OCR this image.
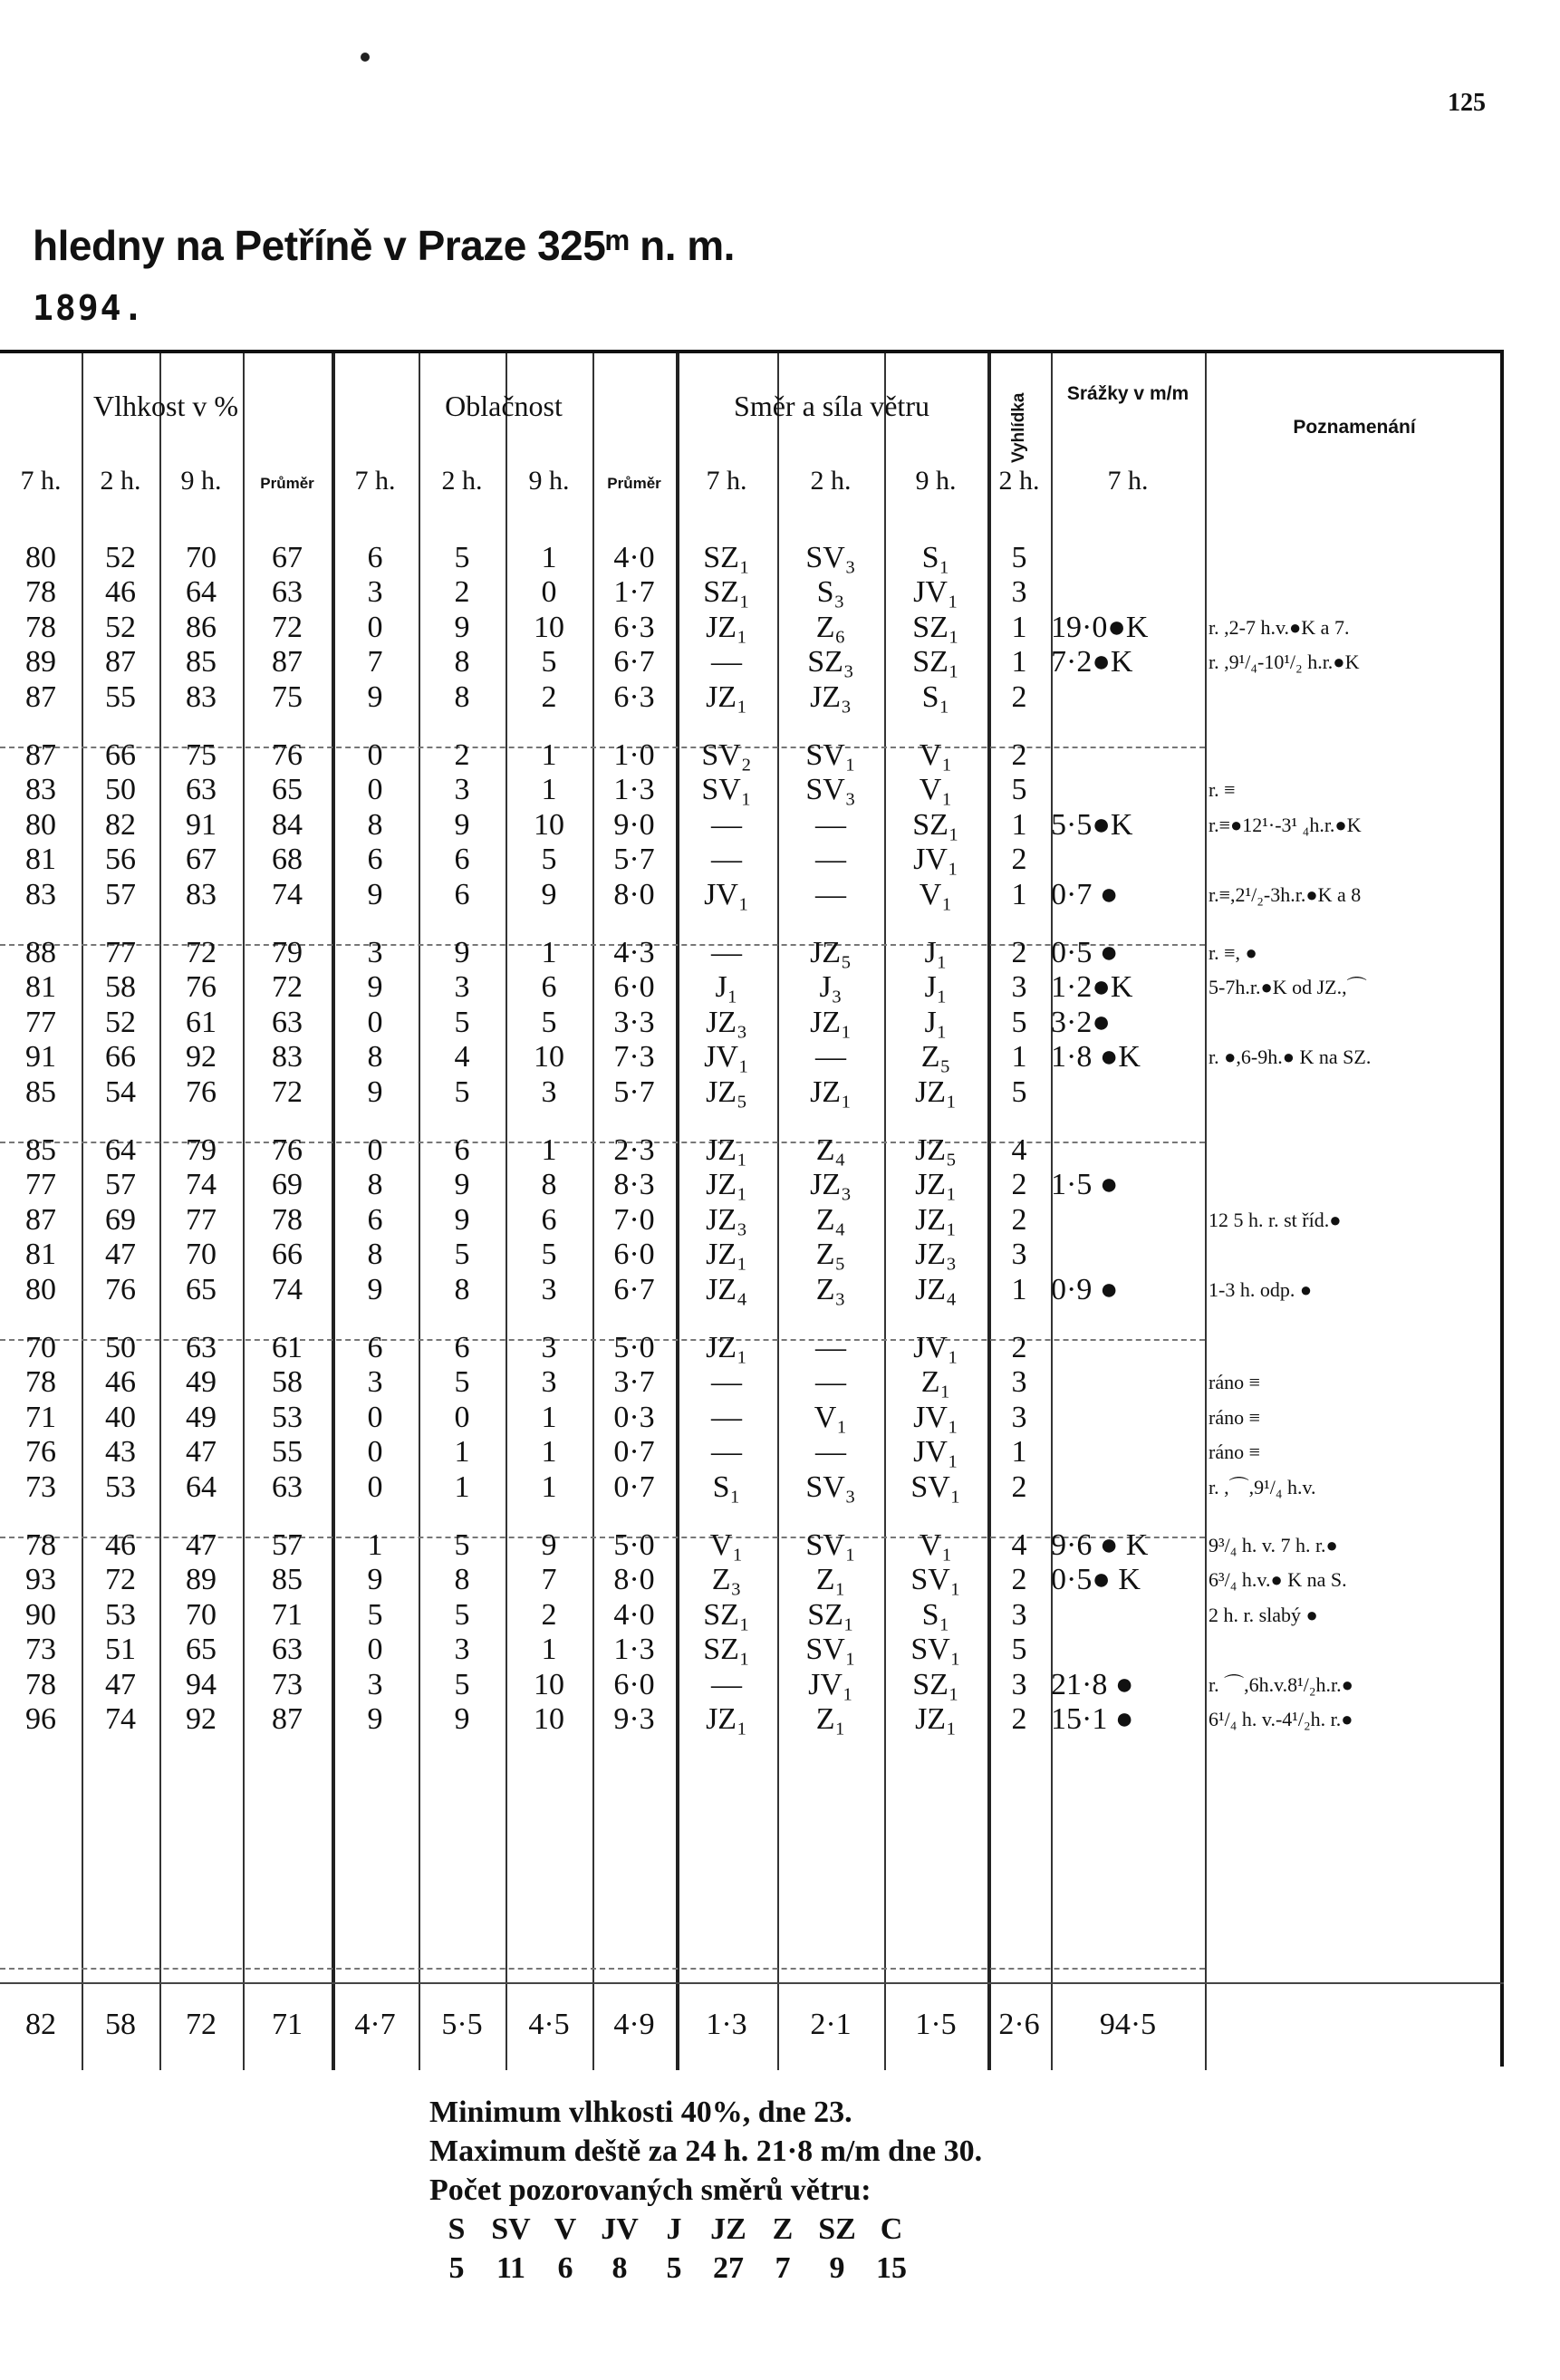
125
hledny na Petříně v Praze 325ᵐ n. m.
1894.
Vlhkost v %	Oblačnost	Směr a síla větru	Vyhlídka	Srážky v m/m
Poznamenání
7 h.	2 h.	9 h.	Průměr	7 h.	2 h.	9 h.	Průměr	7 h.	2 h.	9 h.	2 h.	7 h.
80	52	70	67	6	5	1	4·0	SZ₁	SV₃	S₁	5
78	46	64	63	3	2	0	1·7	SZ₁	S₃	JV₁	3
78	52	86	72	0	9	10	6·3	JZ₁	Z₆	SZ₁	1 19·0●K	r. ,2-7 h.v.●K a 7.
89	87	85	87	7	8	5	6·7	—	SZ₃	SZ₁	1 7·2●K	r. ,9¹/₄-10¹/₂ h.r.●K
87	55	83	75	9	8	2	6·3	JZ₁	JZ₃	S₁	2
87	66	75	76	0	2	1	1·0	SV₂	SV₁	V₁	2
83	50	63	65	0	3	1	1·3	SV₁	SV₃	V₁	5	r. ≡
80	82	91	84	8	9	10	9·0	—	—	SZ₁	1 5·5●K	r.≡●12¹·-3¹ ₄h.r.●K
81	56	67	68	6	6	5	5·7	—	—	JV₁	2
83	57	83	74	9	6	9	8·0	JV₁	—	V₁	1 0·7 ●	r.≡,2¹/₂-3h.r.●K a 8
88	77	72	79	3	9	1	4·3	—	JZ₅	J₁	2 0·5 ●	r. ≡, ●
81	58	76	72	9	3	6	6·0	J₁	J₃	J₁	3 1·2●K	5-7h.r.●K od JZ.,⌒
77	52	61	63	0	5	5	3·3	JZ₃	JZ₁	J₁	5 3·2●
91	66	92	83	8	4	10	7·3	JV₁	—	Z₅	1 1·8 ●K	r. ●,6-9h.● K na SZ.
85	54	76	72	9	5	3	5·7	JZ₅	JZ₁	JZ₁	5
85	64	79	76	0	6	1	2·3	JZ₁	Z₄	JZ₅	4
77	57	74	69	8	9	8	8·3	JZ₁	JZ₃	JZ₁	2 1·5 ●
87	69	77	78	6	9	6	7·0	JZ₃	Z₄	JZ₁	2	12 5 h. r. st říd.●
81	47	70	66	8	5	5	6·0	JZ₁	Z₅	JZ₃	3
80	76	65	74	9	8	3	6·7	JZ₄	Z₃	JZ₄	1 0·9 ●	1-3 h. odp. ●
70	50	63	61	6	6	3	5·0	JZ₁	—	JV₁	2
78	46	49	58	3	5	3	3·7	—	—	Z₁	3	ráno ≡
71	40	49	53	0	0	1	0·3	—	V₁	JV₁	3	ráno ≡
76	43	47	55	0	1	1	0·7	—	—	JV₁	1	ráno ≡
73	53	64	63	0	1	1	0·7	S₁	SV₃	SV₁	2	r. ,⌒,9¹/₄ h.v.
78	46	47	57	1	5	9	5·0	V₁	SV₁	V₁	4 9·6 ● K	9³/₄ h. v. 7 h. r.●
93	72	89	85	9	8	7	8·0	Z₃	Z₁	SV₁	2 0·5● K	6³/₄ h.v.● K na S.
90	53	70	71	5	5	2	4·0	SZ₁	SZ₁	S₁	3	2 h. r. slabý ●
73	51	65	63	0	3	1	1·3	SZ₁	SV₁	SV₁	5
78	47	94	73	3	5	10	6·0	—	JV₁	SZ₁	3 21·8 ●	r. ⌒,6h.v.8¹/₂h.r.●
96	74	92	87	9	9	10	9·3	JZ₁	Z₁	JZ₁	2 15·1 ●	6¹/₄ h. v.-4¹/₂h. r.●
82	58	72	71	4·7	5·5	4·5	4·9	1·3	2·1	1·5	2·6	94·5
Minimum vlhkosti 40%, dne 23.
Maximum deště za 24 h. 21·8 m/m dne 30.
Počet pozorovaných směrů větru:
S SV V JV J JZ Z SZ C
5 11 6 8 5 27 7 9 15
